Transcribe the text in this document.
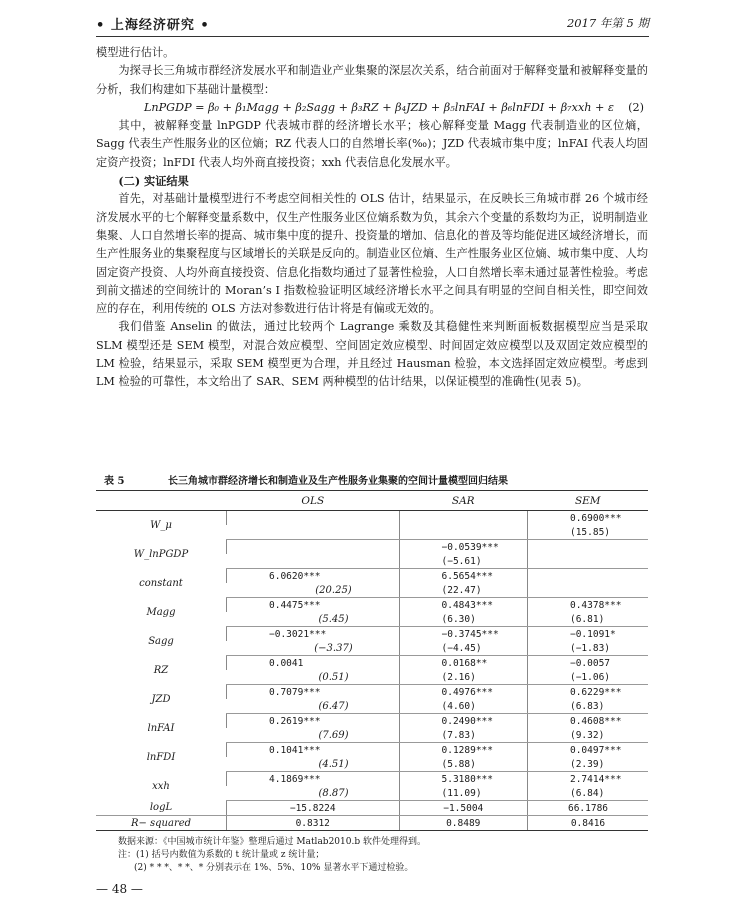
• 上海经济研究 •	2017 年第 5 期

模型进行估计。

为探寻长三角城市群经济发展水平和制造业产业集聚的深层次关系，结合前面对于解释变量和被解释变量的分析，我们构建如下基础计量模型：

LnPGDP = β₀ + β₁Magg + β₂Sagg + β₃RZ + β₄JZD + β₅lnFAI + β₆lnFDI + β₇xxh + ε (2)

其中，被解释变量 lnPGDP 代表城市群的经济增长水平；核心解释变量 Magg 代表制造业的区位熵，Sagg 代表生产性服务业的区位熵；RZ 代表人口的自然增长率(‰)；JZD 代表城市集中度；lnFAI 代表人均固定资产投资；lnFDI 代表人均外商直接投资；xxh 代表信息化发展水平。

(二) 实证结果

首先，对基础计量模型进行不考虑空间相关性的 OLS 估计，结果显示，在反映长三角城市群 26 个城市经济发展水平的七个解释变量系数中，仅生产性服务业区位熵系数为负，其余六个变量的系数均为正，说明制造业集聚、人口自然增长率的提高、城市集中度的提升、投资量的增加、信息化的普及等均能促进区域经济增长，而生产性服务业的集聚程度与区域增长的关联是反向的。制造业区位熵、生产性服务业区位熵、城市集中度、人均固定资产投资、人均外商直接投资、信息化指数均通过了显著性检验，人口自然增长率未通过显著性检验。考虑到前文描述的空间统计的 Moran’s I 指数检验证明区域经济增长水平之间具有明显的空间自相关性，即空间效应的存在，利用传统的 OLS 方法对参数进行估计将是有偏或无效的。

我们借鉴 Anselin 的做法，通过比较两个 Lagrange 乘数及其稳健性来判断面板数据模型应当是采取 SLM 模型还是 SEM 模型，对混合效应模型、空间固定效应模型、时间固定效应模型以及双固定效应模型的 LM 检验，结果显示，采取 SEM 模型更为合理，并且经过 Hausman 检验，本文选择固定效应模型。考虑到 LM 检验的可靠性，本文给出了 SAR、SEM 两种模型的估计结果，以保证模型的准确性(见表 5)。

表 5	长三角城市群经济增长和制造业及生产性服务业集聚的空间计量模型回归结果
	OLS	SAR	SEM
W_μ			0.6900***
			(15.85)
W_lnPGDP		−0.0539***	
		(−5.61)	
constant	6.0620***	6.5654***	
	(20.25)	(22.47)	
Magg	0.4475***	0.4843***	0.4378***
	(5.45)	(6.30)	(6.81)
Sagg	−0.3021***	−0.3745***	−0.1091*
	(−3.37)	(−4.45)	(−1.83)
RZ	0.0041	0.0168**	−0.0057
	(0.51)	(2.16)	(−1.06)
JZD	0.7079***	0.4976***	0.6229***
	(6.47)	(4.60)	(6.83)
lnFAI	0.2619***	0.2490***	0.4608***
	(7.69)	(7.83)	(9.32)
lnFDI	0.1041***	0.1289***	0.0497***
	(4.51)	(5.88)	(2.39)
xxh	4.1869***	5.3180***	2.7414***
	(8.87)	(11.09)	(6.84)
logL	−15.8224	−1.5004	66.1786
R− squared	0.8312	0.8489	0.8416
数据来源：《中国城市统计年鉴》整理后通过 Matlab2010.b 软件处理得到。
注：(1) 括号内数值为系数的 t 统计量或 z 统计量；
(2) * * *、* *、* 分别表示在 1%、5%、10% 显著水平下通过检验。
— 48 —
